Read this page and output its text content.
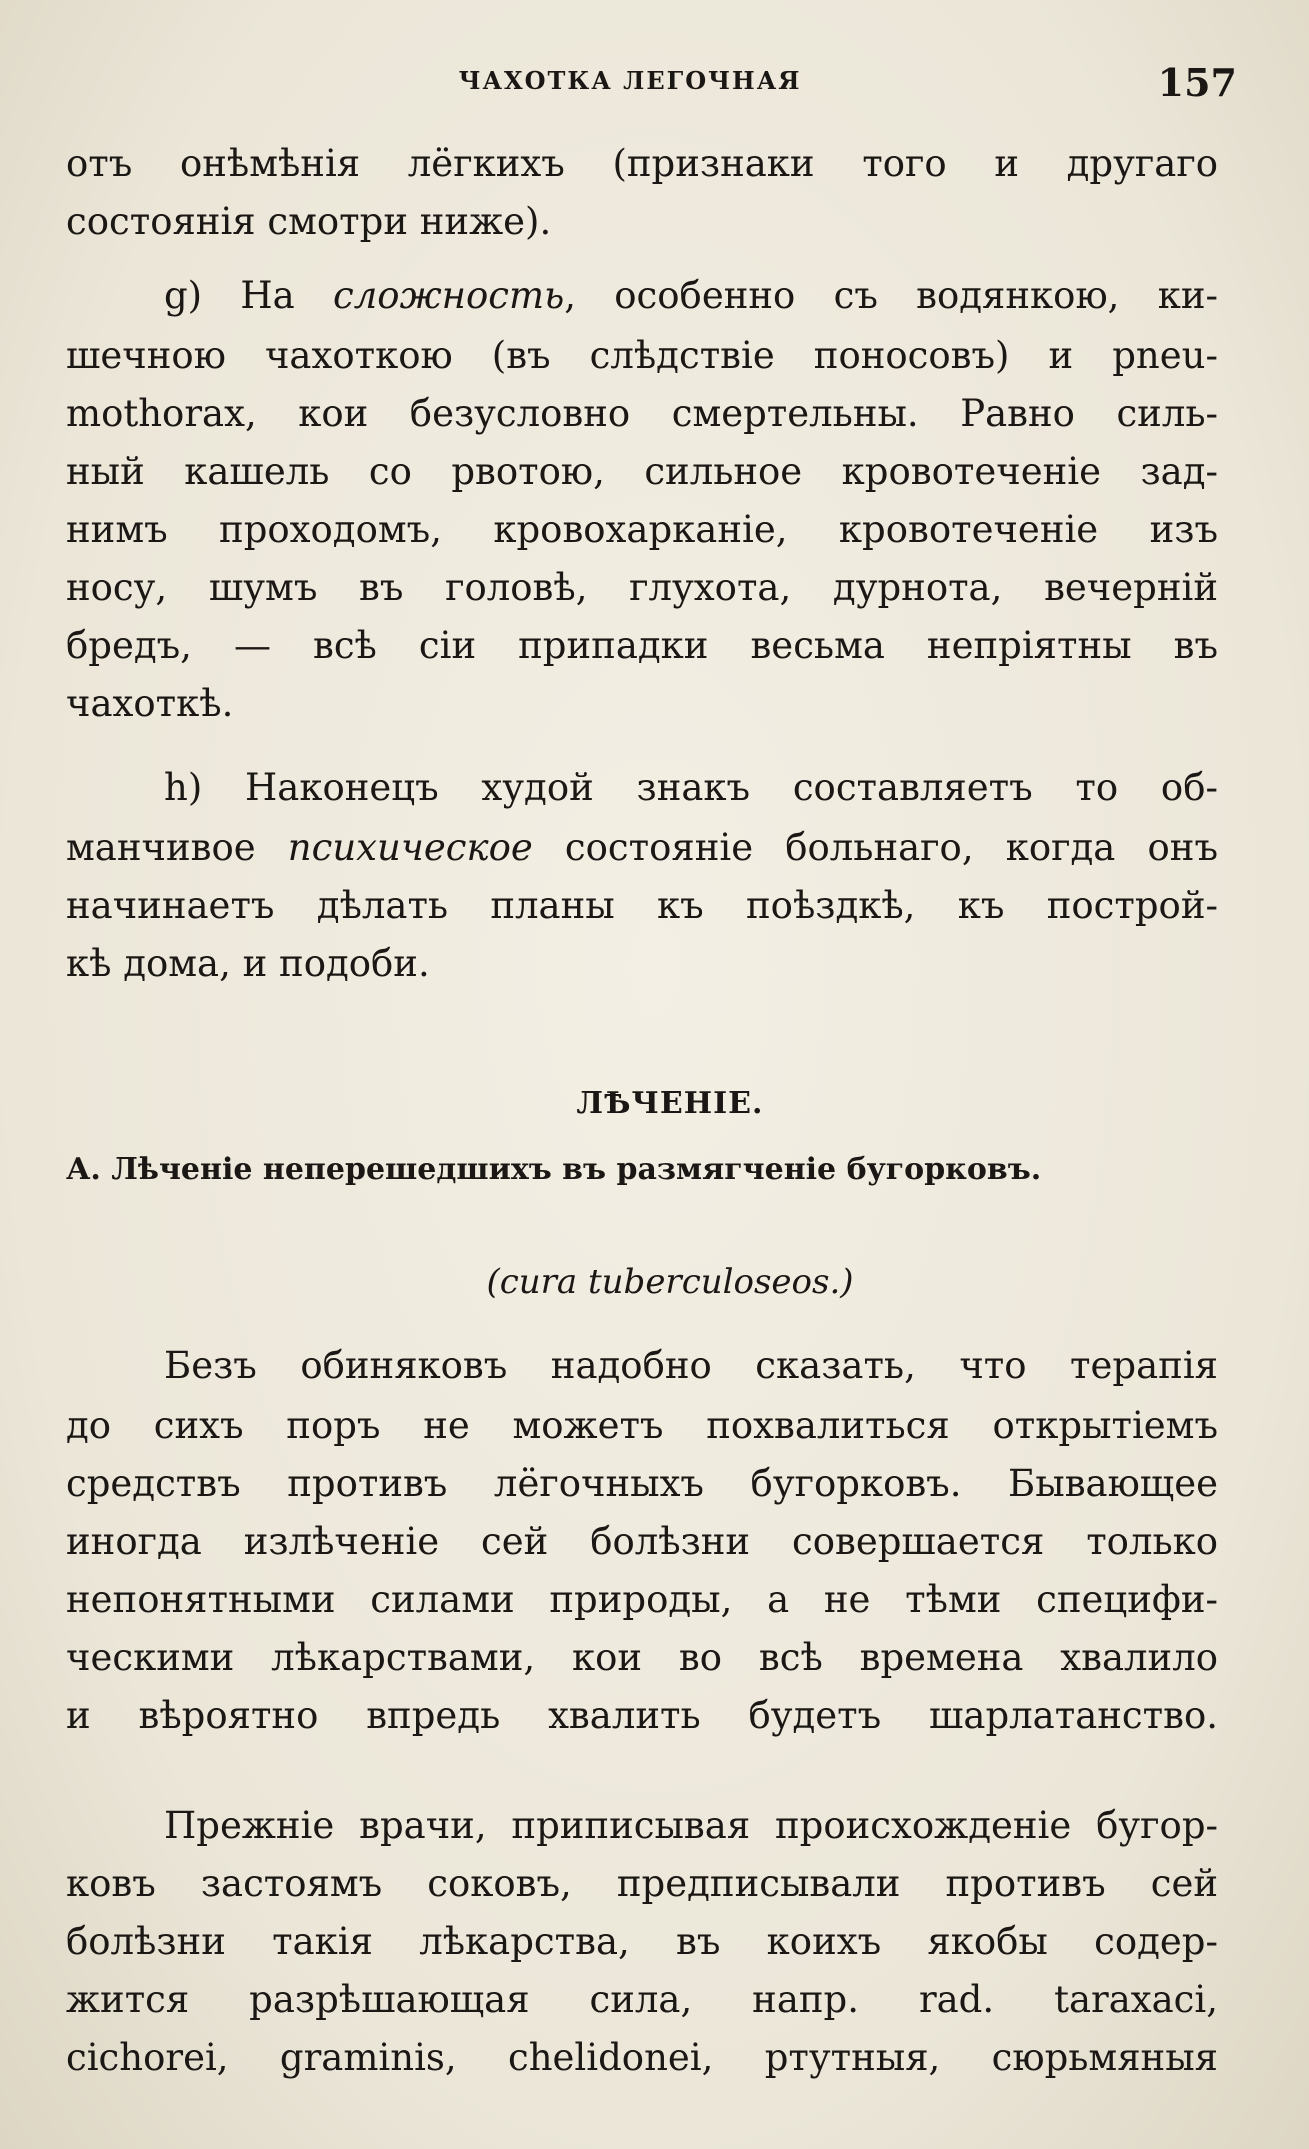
ЧАХОТКА ЛЕГОЧНАЯ	157
отъ онѣмѣнія лёгкихъ (признаки того и другаго
состоянія смотри ниже).
g) На сложность, особенно съ водянкою, ки-
шечною чахоткою (въ слѣдствіе поносовъ) и pneu-
mothorax, кои безусловно смертельны. Равно силь-
ный кашель со рвотою, сильное кровотеченіе зад-
нимъ проходомъ, кровохарканіе, кровотеченіе изъ
носу, шумъ въ головѣ, глухота, дурнота, вечерній
бредъ, — всѣ сіи припадки весьма непріятны въ
чахоткѣ.
h) Наконецъ худой знакъ составляетъ то об-
манчивое психическое состояніе больнаго, когда онъ
начинаетъ дѣлать планы къ поѣздкѣ, къ построй-
кѣ дома, и подоби.
ЛѢЧЕНІЕ.
А. Лѣченіе неперешедшихъ въ размягченіе бугорковъ.
(cura tuberculoseos.)
Безъ обиняковъ надобно сказать, что терапія
до сихъ поръ не можетъ похвалиться открытіемъ
средствъ противъ лёгочныхъ бугорковъ. Бывающее
иногда излѣченіе сей болѣзни совершается только
непонятными силами природы, а не тѣми специфи-
ческими лѣкарствами, кои во всѣ времена хвалило
и вѣроятно впредь хвалить будетъ шарлатанство.
Прежніе врачи, приписывая происхожденіе бугор-
ковъ застоямъ соковъ, предписывали противъ сей
болѣзни такія лѣкарства, въ коихъ якобы содер-
жится разрѣшающая сила, напр. rad. taraxaci,
cichorei, graminis, chelidonei, ртутныя, сюрьмяныя
